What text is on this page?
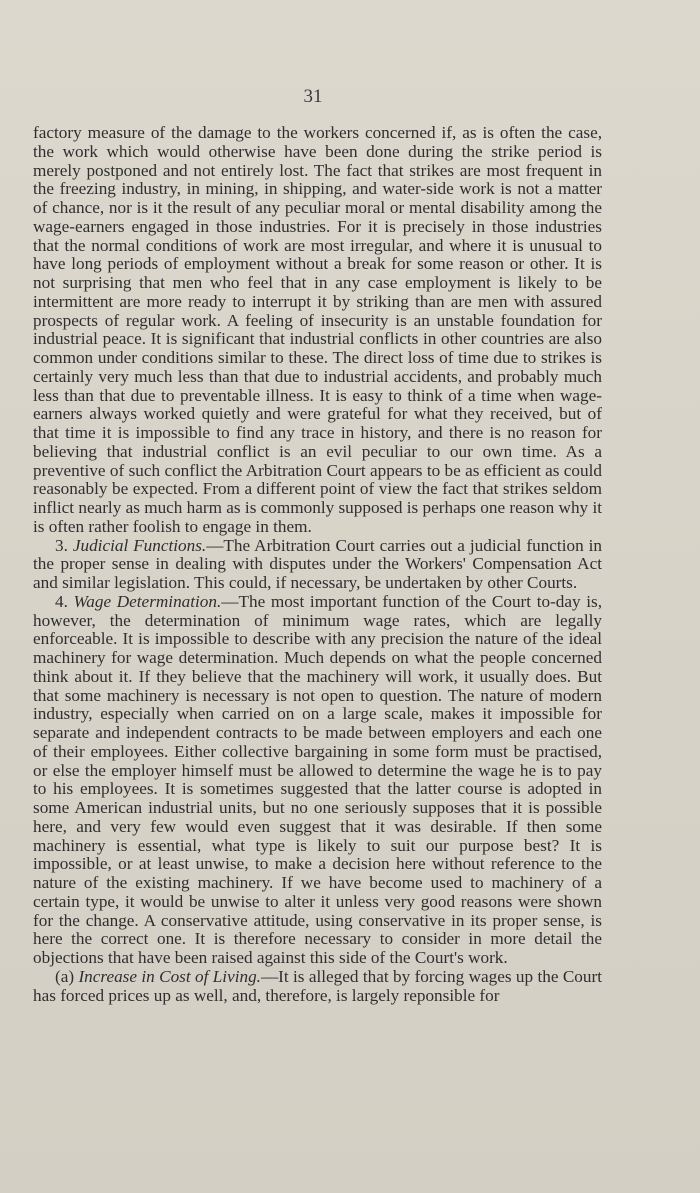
31

factory measure of the damage to the workers concerned if, as is often the case, the work which would otherwise have been done during the strike period is merely postponed and not entirely lost. The fact that strikes are most frequent in the freezing industry, in mining, in shipping, and water-side work is not a matter of chance, nor is it the result of any peculiar moral or mental disability among the wage-earners engaged in those industries. For it is precisely in those industries that the normal conditions of work are most irregular, and where it is unusual to have long periods of employment without a break for some reason or other. It is not surprising that men who feel that in any case employment is likely to be intermittent are more ready to interrupt it by striking than are men with assured prospects of regular work. A feeling of insecurity is an unstable foundation for industrial peace. It is significant that industrial conflicts in other countries are also common under conditions similar to these. The direct loss of time due to strikes is certainly very much less than that due to industrial accidents, and probably much less than that due to preventable illness. It is easy to think of a time when wage-earners always worked quietly and were grateful for what they received, but of that time it is impossible to find any trace in history, and there is no reason for believing that industrial conflict is an evil peculiar to our own time. As a preventive of such conflict the Arbitration Court appears to be as efficient as could reasonably be expected. From a different point of view the fact that strikes seldom inflict nearly as much harm as is commonly supposed is perhaps one reason why it is often rather foolish to engage in them.

3. Judicial Functions.—The Arbitration Court carries out a judicial function in the proper sense in dealing with disputes under the Workers' Compensation Act and similar legislation. This could, if necessary, be undertaken by other Courts.

4. Wage Determination.—The most important function of the Court to-day is, however, the determination of minimum wage rates, which are legally enforceable. It is impossible to describe with any precision the nature of the ideal machinery for wage determination. Much depends on what the people concerned think about it. If they believe that the machinery will work, it usually does. But that some machinery is necessary is not open to question. The nature of modern industry, especially when carried on on a large scale, makes it impossible for separate and independent contracts to be made between employers and each one of their employees. Either collective bargaining in some form must be practised, or else the employer himself must be allowed to determine the wage he is to pay to his employees. It is sometimes suggested that the latter course is adopted in some American industrial units, but no one seriously supposes that it is possible here, and very few would even suggest that it was desirable. If then some machinery is essential, what type is likely to suit our purpose best? It is impossible, or at least unwise, to make a decision here without reference to the nature of the existing machinery. If we have become used to machinery of a certain type, it would be unwise to alter it unless very good reasons were shown for the change. A conservative attitude, using conservative in its proper sense, is here the correct one. It is therefore necessary to consider in more detail the objections that have been raised against this side of the Court's work.

(a) Increase in Cost of Living.—It is alleged that by forcing wages up the Court has forced prices up as well, and, therefore, is largely reponsible for
